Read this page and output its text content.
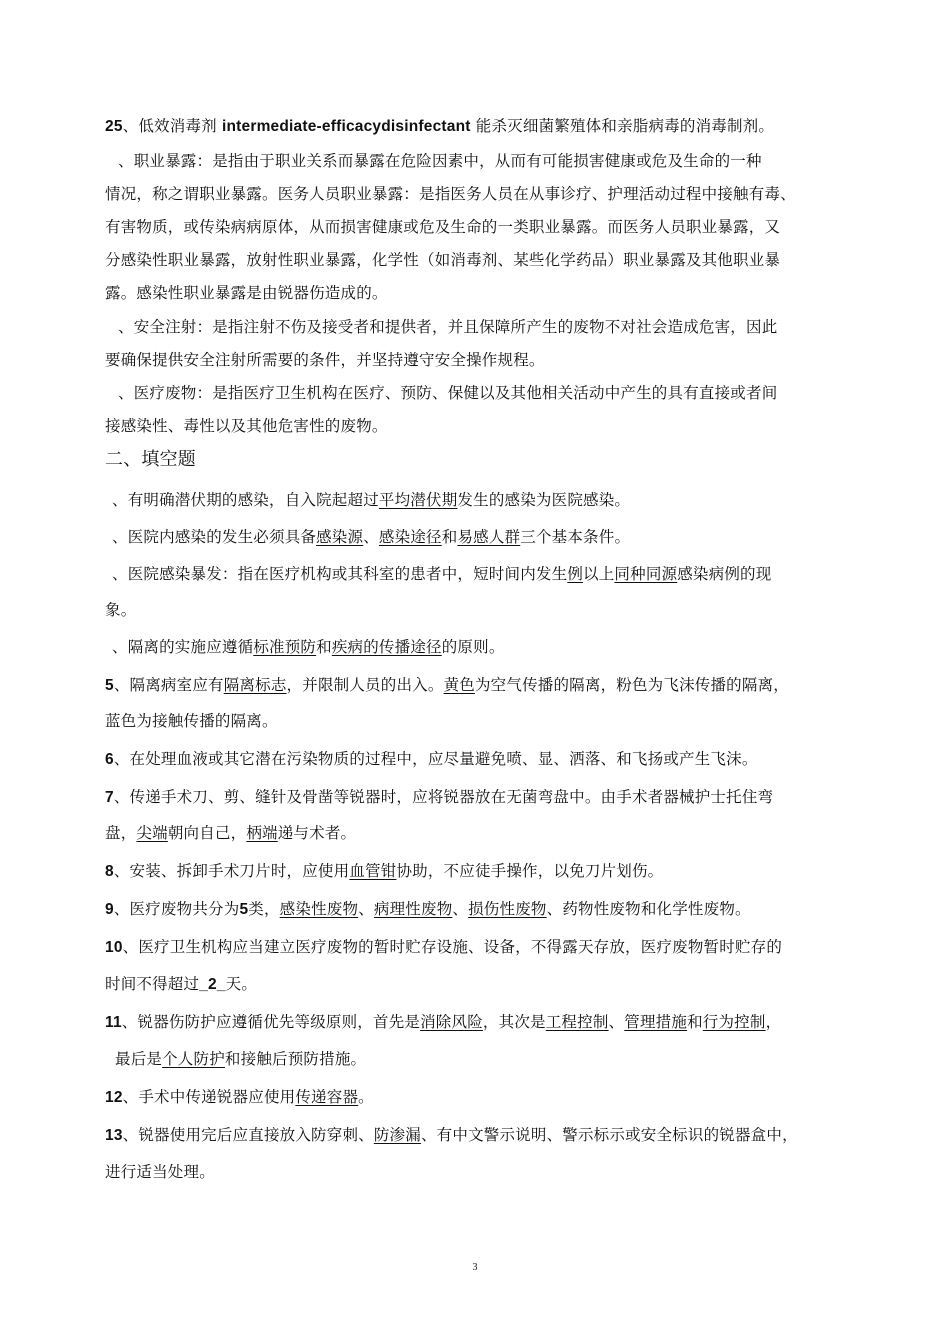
25、低效消毒剂 intermediate-efficacydisinfectant 能杀灭细菌繁殖体和亲脂病毒的消毒制剂。
、职业暴露：是指由于职业关系而暴露在危险因素中，从而有可能损害健康或危及生命的一种
情况，称之谓职业暴露。医务人员职业暴露：是指医务人员在从事诊疗、护理活动过程中接触有毒、
有害物质，或传染病病原体，从而损害健康或危及生命的一类职业暴露。而医务人员职业暴露，又
分感染性职业暴露，放射性职业暴露，化学性（如消毒剂、某些化学药品）职业暴露及其他职业暴
露。感染性职业暴露是由锐器伤造成的。
、安全注射：是指注射不伤及接受者和提供者，并且保障所产生的废物不对社会造成危害，因此
要确保提供安全注射所需要的条件，并坚持遵守安全操作规程。
、医疗废物：是指医疗卫生机构在医疗、预防、保健以及其他相关活动中产生的具有直接或者间
接感染性、毒性以及其他危害性的废物。
二、填空题
、有明确潜伏期的感染，自入院起超过平均潜伏期发生的感染为医院感染。
、医院内感染的发生必须具备感染源、感染途径和易感人群三个基本条件。
、医院感染暴发：指在医疗机构或其科室的患者中，短时间内发生例以上同种同源感染病例的现
象。
、隔离的实施应遵循标准预防和疾病的传播途径的原则。
5、隔离病室应有隔离标志，并限制人员的出入。黄色为空气传播的隔离，粉色为飞沫传播的隔离，
蓝色为接触传播的隔离。
6、在处理血液或其它潜在污染物质的过程中，应尽量避免喷、显、洒落、和飞扬或产生飞沫。
7、传递手术刀、剪、缝针及骨凿等锐器时，应将锐器放在无菌弯盘中。由手术者器械护士托住弯
盘，尖端朝向自己，柄端递与术者。
8、安装、拆卸手术刀片时，应使用血管钳协助，不应徒手操作，以免刀片划伤。
9、医疗废物共分为5类，感染性废物、病理性废物、损伤性废物、药物性废物和化学性废物。
10、医疗卫生机构应当建立医疗废物的暂时贮存设施、设备，不得露天存放，医疗废物暂时贮存的
时间不得超过_2_天。
11、锐器伤防护应遵循优先等级原则，首先是消除风险，其次是工程控制、管理措施和行为控制，
最后是个人防护和接触后预防措施。
12、手术中传递锐器应使用传递容器。
13、锐器使用完后应直接放入防穿刺、防渗漏、有中文警示说明、警示标示或安全标识的锐器盒中，
进行适当处理。
3
